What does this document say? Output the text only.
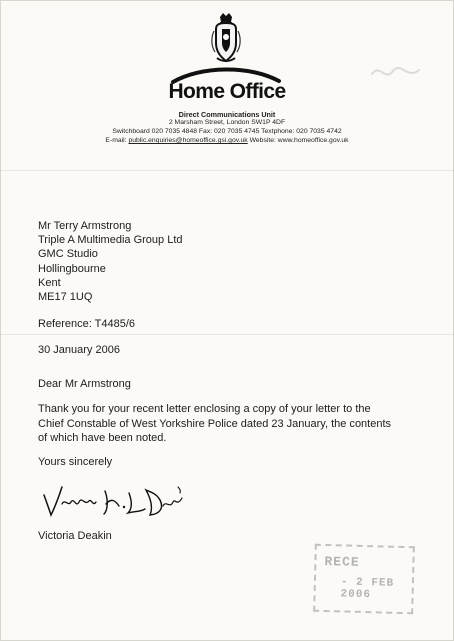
Home Office
Direct Communications Unit
2 Marsham Street, London SW1P 4DF
Switchboard 020 7035 4848 Fax: 020 7035 4745 Textphone: 020 7035 4742
E-mail: public.enquiries@homeoffice.gsi.gov.uk Website: www.homeoffice.gov.uk
Mr Terry Armstrong
Triple A Multimedia Group Ltd
GMC Studio
Hollingbourne
Kent
ME17 1UQ
Reference: T4485/6
30 January 2006
Dear Mr Armstrong
Thank you for your recent letter enclosing a copy of your letter to the Chief Constable of West Yorkshire Police dated 23 January, the contents of which have been noted.
Yours sincerely
Victoria Deakin
RECE
- 2 FEB 2006
